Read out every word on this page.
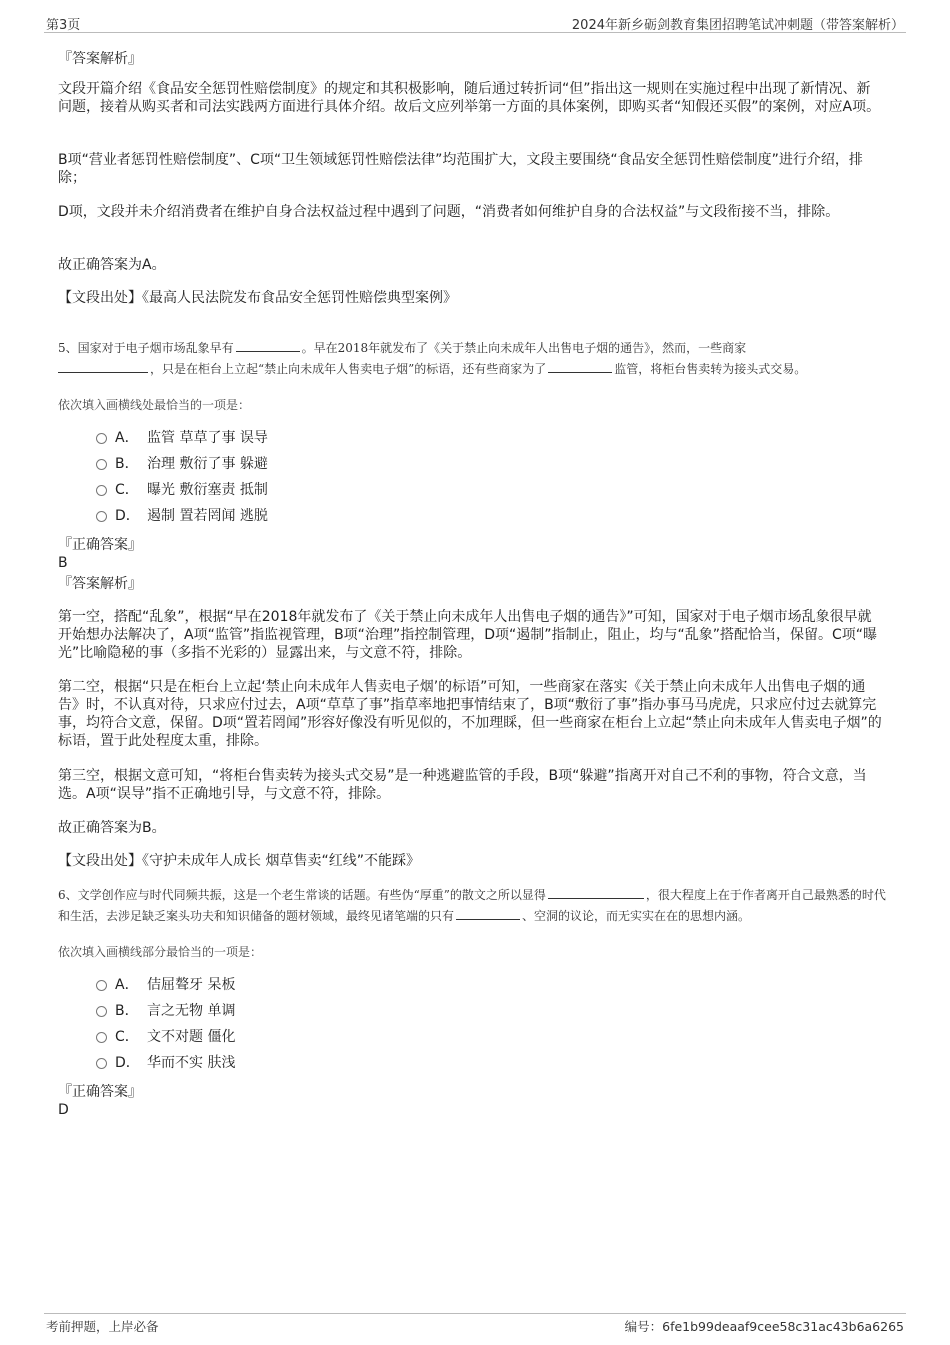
第3页	2024年新乡砺剑教育集团招聘笔试冲刺题（带答案解析）
『答案解析』
文段开篇介绍《食品安全惩罚性赔偿制度》的规定和其积极影响，随后通过转折词“但”指出这一规则在实施过程中出现了新情况、新问题，接着从购买者和司法实践两方面进行具体介绍。故后文应列举第一方面的具体案例，即购买者“知假还买假”的案例，对应A项。
B项“营业者惩罚性赔偿制度”、C项“卫生领域惩罚性赔偿法律”均范围扩大，文段主要围绕“食品安全惩罚性赔偿制度”进行介绍，排除；
D项，文段并未介绍消费者在维护自身合法权益过程中遇到了问题，“消费者如何维护自身的合法权益”与文段衔接不当，排除。
故正确答案为A。
【文段出处】《最高人民法院发布食品安全惩罚性赔偿典型案例》
5、国家对于电子烟市场乱象早有	。早在2018年就发布了《关于禁止向未成年人出售电子烟的通告》，然而，一些商家
，只是在柜台上立起“禁止向未成年人售卖电子烟”的标语，还有些商家为了	监管，将柜台售卖转为接头式交易。
依次填入画横线处最恰当的一项是：
A． 监管 草草了事 误导
B． 治理 敷衍了事 躲避
C． 曝光 敷衍塞责 抵制
D． 遏制 置若罔闻 逃脱
『正确答案』
B
『答案解析』
第一空，搭配“乱象”，根据“早在2018年就发布了《关于禁止向未成年人出售电子烟的通告》”可知，国家对于电子烟市场乱象很早就开始想办法解决了，A项“监管”指监视管理，B项“治理”指控制管理，D项“遏制”指制止，阻止，均与“乱象”搭配恰当，保留。C项“曝光”比喻隐秘的事（多指不光彩的）显露出来，与文意不符，排除。
第二空，根据“只是在柜台上立起‘禁止向未成年人售卖电子烟’的标语”可知，一些商家在落实《关于禁止向未成年人出售电子烟的通告》时，不认真对待，只求应付过去，A项“草草了事”指草率地把事情结束了，B项“敷衍了事”指办事马马虎虎，只求应付过去就算完事，均符合文意，保留。D项“置若罔闻”形容好像没有听见似的，不加理睬，但一些商家在柜台上立起“禁止向未成年人售卖电子烟”的标语，置于此处程度太重，排除。
第三空，根据文意可知，“将柜台售卖转为接头式交易”是一种逃避监管的手段，B项“躲避”指离开对自己不利的事物，符合文意，当选。A项“误导”指不正确地引导，与文意不符，排除。
故正确答案为B。
【文段出处】《守护未成年人成长 烟草售卖“红线”不能踩》
6、文学创作应与时代同频共振，这是一个老生常谈的话题。有些伪“厚重”的散文之所以显得	，很大程度上在于作者离开自己最熟悉的时代和生活，去涉足缺乏案头功夫和知识储备的题材领域，最终见诸笔端的只有	、空洞的议论，而无实实在在的思想内涵。
依次填入画横线部分最恰当的一项是：
A． 佶屈聱牙 呆板
B． 言之无物 单调
C． 文不对题 僵化
D． 华而不实 肤浅
『正确答案』
D
考前押题，上岸必备	编号：6fe1b99deaaf9cee58c31ac43b6a6265
